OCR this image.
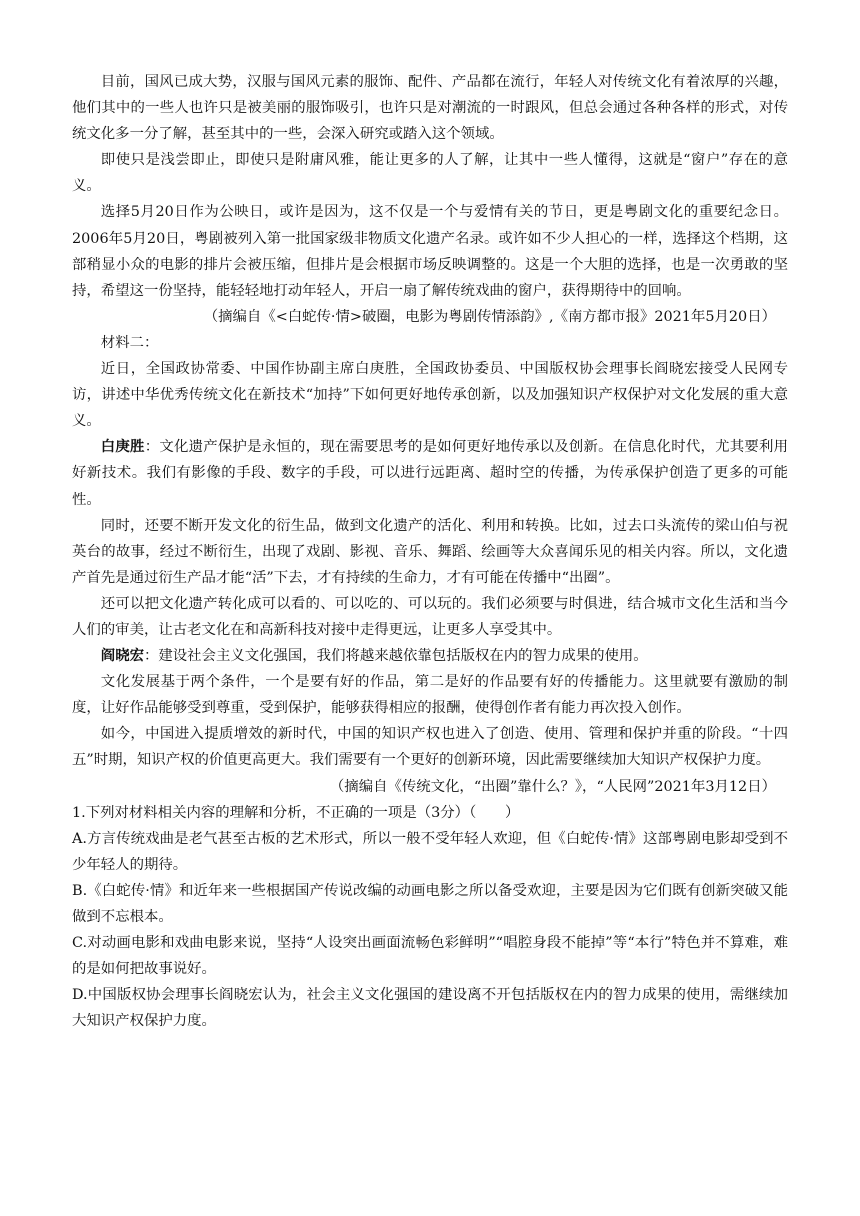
目前，国风已成大势，汉服与国风元素的服饰、配件、产品都在流行，年轻人对传统文化有着浓厚的兴趣，他们其中的一些人也许只是被美丽的服饰吸引，也许只是对潮流的一时跟风，但总会通过各种各样的形式，对传统文化多一分了解，甚至其中的一些，会深入研究或踏入这个领域。

即使只是浅尝即止，即使只是附庸风雅，能让更多的人了解，让其中一些人懂得，这就是“窗户”存在的意义。

选择5月20日作为公映日，或许是因为，这不仅是一个与爱情有关的节日，更是粤剧文化的重要纪念日。2006年5月20日，粤剧被列入第一批国家级非物质文化遗产名录。或许如不少人担心的一样，选择这个档期，这部稍显小众的电影的排片会被压缩，但排片是会根据市场反映调整的。这是一个大胆的选择，也是一次勇敢的坚持，希望这一份坚持，能轻轻地打动年轻人，开启一扇了解传统戏曲的窗户，获得期待中的回响。

（摘编自《<白蛇传·情>破圈，电影为粤剧传情添韵》,《南方都市报》2021年5月20日）

材料二：

近日，全国政协常委、中国作协副主席白庚胜，全国政协委员、中国版权协会理事长阎晓宏接受人民网专访，讲述中华优秀传统文化在新技术“加持”下如何更好地传承创新，以及加强知识产权保护对文化发展的重大意义。

白庚胜：文化遗产保护是永恒的，现在需要思考的是如何更好地传承以及创新。在信息化时代，尤其要利用好新技术。我们有影像的手段、数字的手段，可以进行远距离、超时空的传播，为传承保护创造了更多的可能性。

同时，还要不断开发文化的衍生品，做到文化遗产的活化、利用和转换。比如，过去口头流传的梁山伯与祝英台的故事，经过不断衍生，出现了戏剧、影视、音乐、舞蹈、绘画等大众喜闻乐见的相关内容。所以，文化遗产首先是通过衍生产品才能“活”下去，才有持续的生命力，才有可能在传播中“出圈”。

还可以把文化遗产转化成可以看的、可以吃的、可以玩的。我们必须要与时俱进，结合城市文化生活和当今人们的审美，让古老文化在和高新科技对接中走得更远，让更多人享受其中。

阎晓宏：建设社会主义文化强国，我们将越来越依靠包括版权在内的智力成果的使用。

文化发展基于两个条件，一个是要有好的作品，第二是好的作品要有好的传播能力。这里就要有激励的制度，让好作品能够受到尊重，受到保护，能够获得相应的报酬，使得创作者有能力再次投入创作。

如今，中国进入提质增效的新时代，中国的知识产权也进入了创造、使用、管理和保护并重的阶段。“十四五”时期，知识产权的价值更高更大。我们需要有一个更好的创新环境，因此需要继续加大知识产权保护力度。

（摘编自《传统文化，“出圈”靠什么？》，“人民网”2021年3月12日）

1.下列对材料相关内容的理解和分析，不正确的一项是（3分）（　　）

A.方言传统戏曲是老气甚至古板的艺术形式，所以一般不受年轻人欢迎，但《白蛇传·情》这部粤剧电影却受到不少年轻人的期待。

B.《白蛇传·情》和近年来一些根据国产传说改编的动画电影之所以备受欢迎，主要是因为它们既有创新突破又能做到不忘根本。

C.对动画电影和戏曲电影来说，坚持“人设突出画面流畅色彩鲜明”“唱腔身段不能掉”等“本行”特色并不算难，难的是如何把故事说好。

D.中国版权协会理事长阎晓宏认为，社会主义文化强国的建设离不开包括版权在内的智力成果的使用，需继续加大知识产权保护力度。
